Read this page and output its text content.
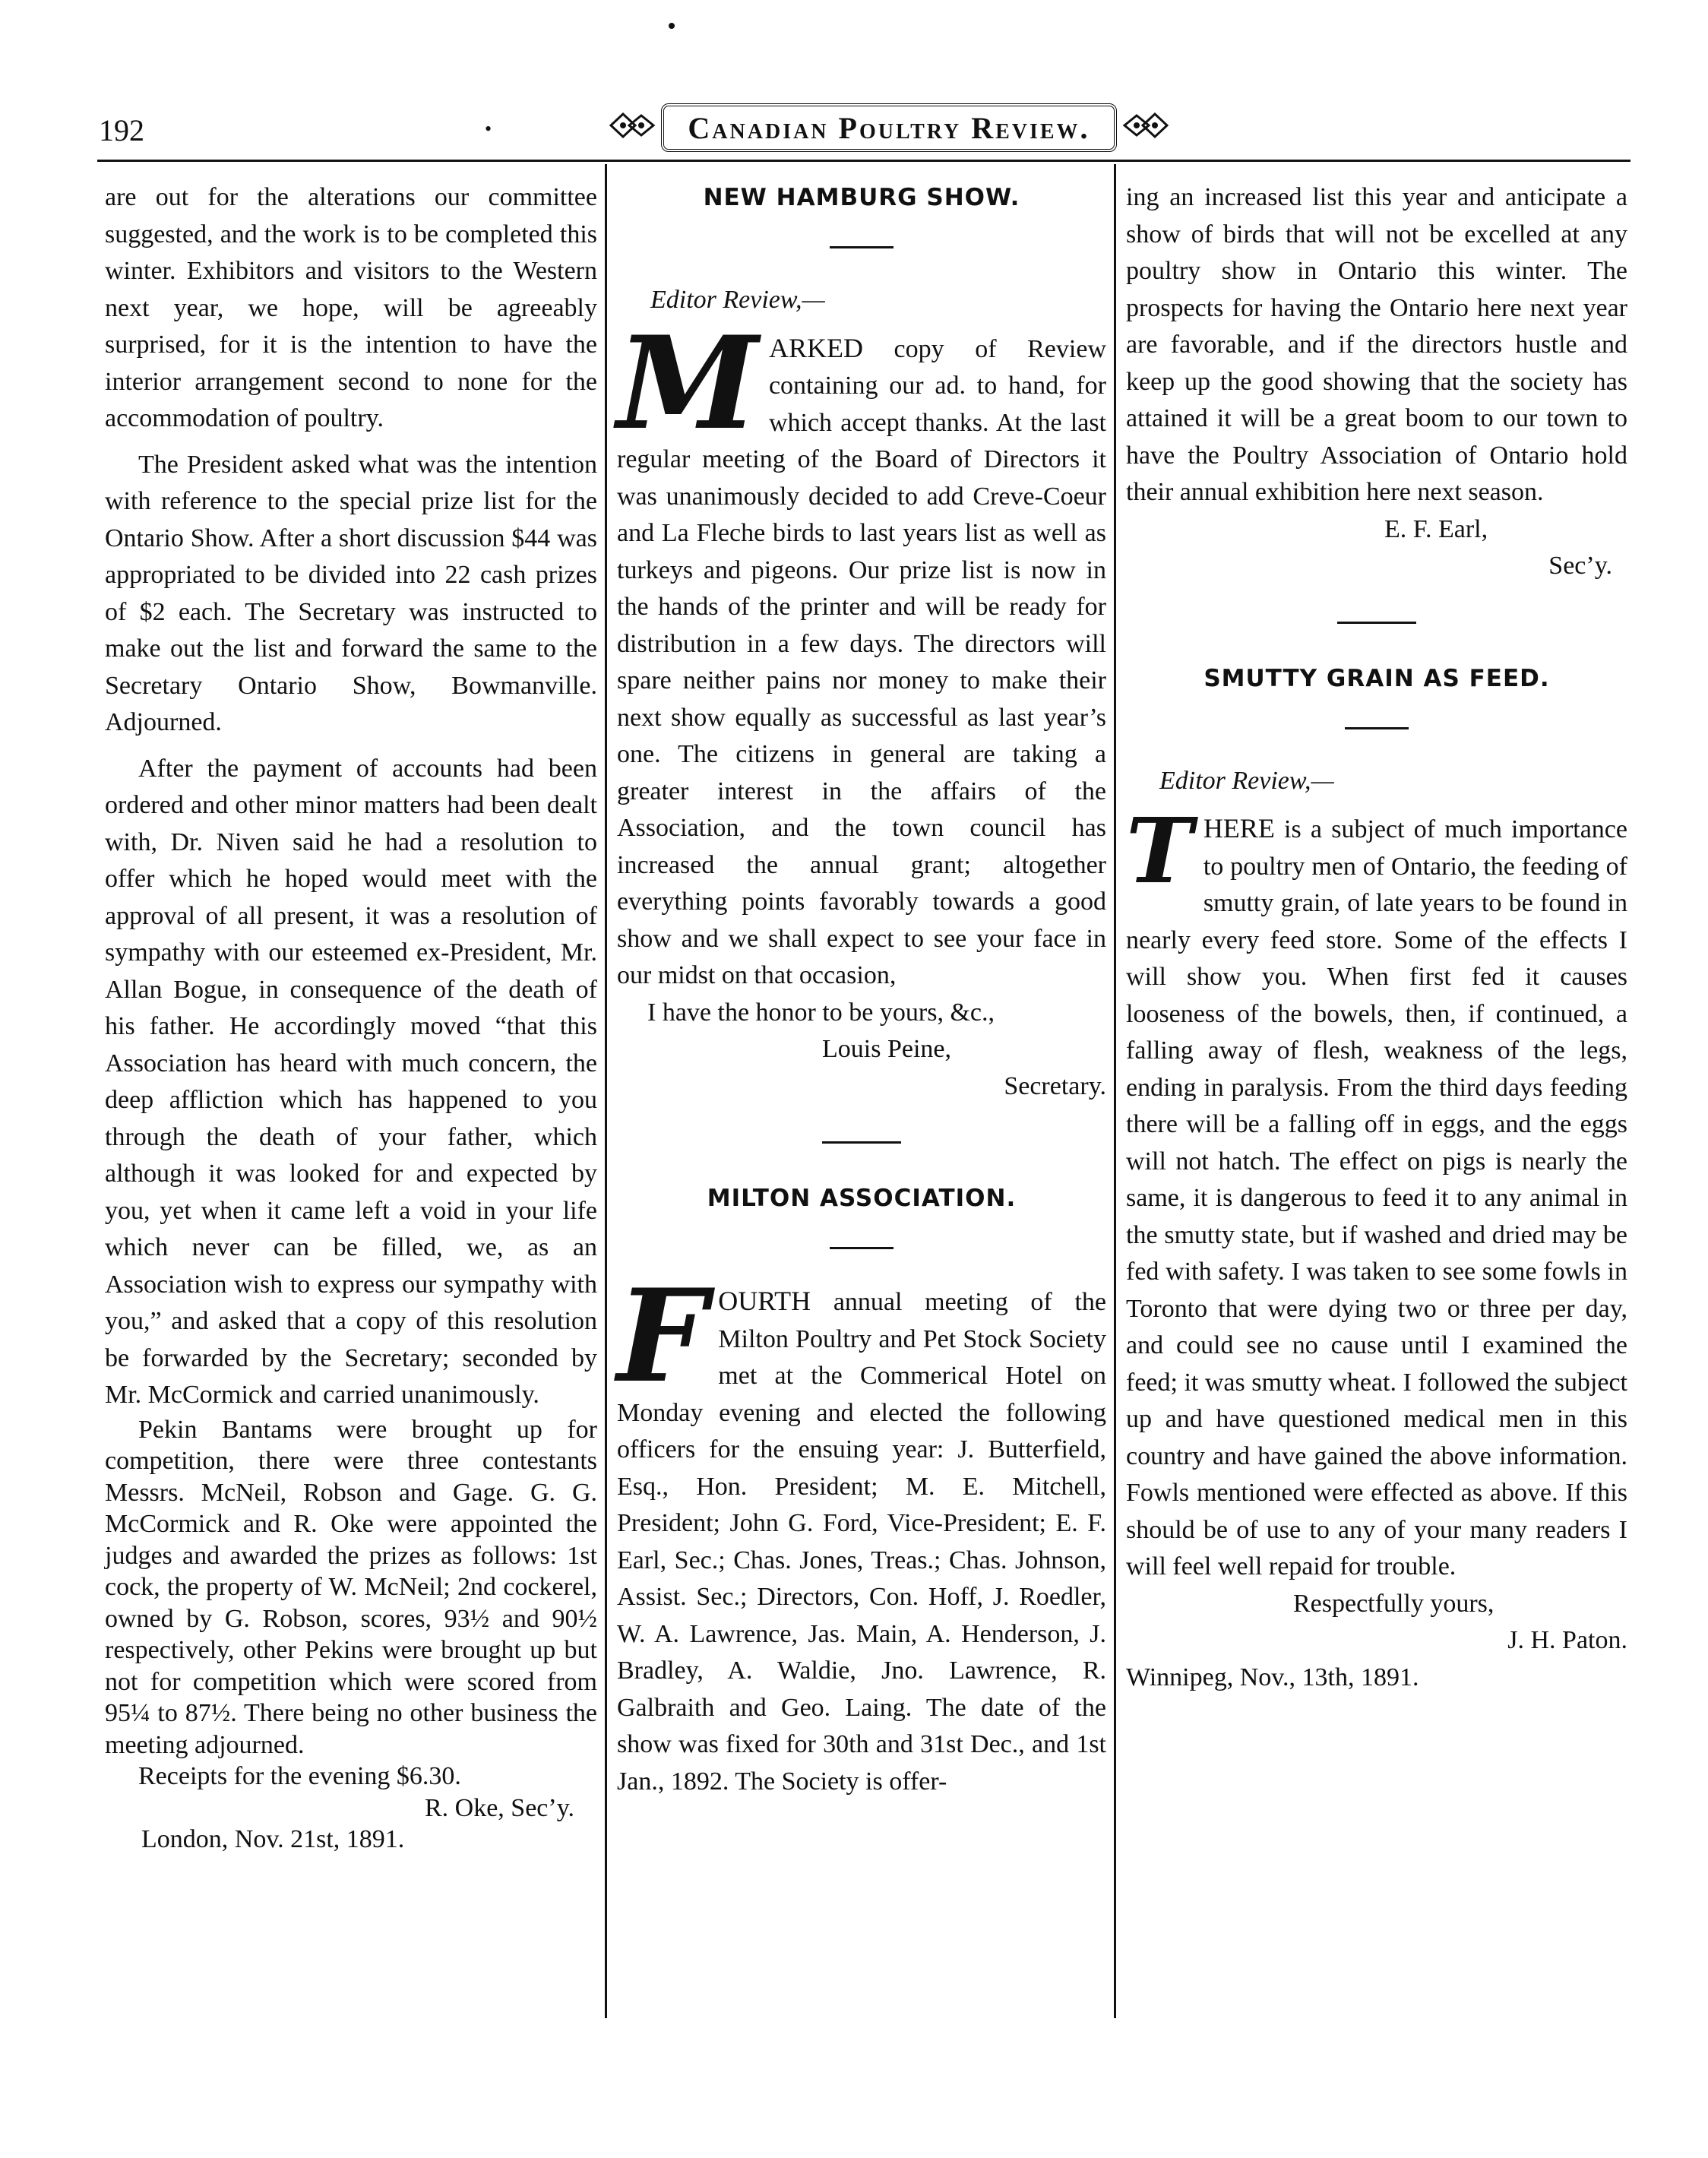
192	•	Canadian Poultry Review.

are out for the alterations our committee suggested, and the work is to be completed this winter. Exhibitors and visitors to the Western next year, we hope, will be agreeably surprised, for it is the intention to have the interior arrangement second to none for the accommodation of poultry.

The President asked what was the intention with reference to the special prize list for the Ontario Show. After a short discussion $44 was appropriated to be divided into 22 cash prizes of $2 each. The Secretary was instructed to make out the list and forward the same to the Secretary Ontario Show, Bowmanville. Adjourned.

After the payment of accounts had been ordered and other minor matters had been dealt with, Dr. Niven said he had a resolution to offer which he hoped would meet with the approval of all present, it was a resolution of sympathy with our esteemed ex-President, Mr. Allan Bogue, in consequence of the death of his father. He accordingly moved “that this Association has heard with much concern, the deep affliction which has happened to you through the death of your father, which although it was looked for and expected by you, yet when it came left a void in your life which never can be filled, we, as an Association wish to express our sympathy with you,” and asked that a copy of this resolution be forwarded by the Secretary; seconded by Mr. McCormick and carried unanimously.

Pekin Bantams were brought up for competition, there were three contestants Messrs. McNeil, Robson and Gage. G. G. McCormick and R. Oke were appointed the judges and awarded the prizes as follows: 1st cock, the property of W. McNeil; 2nd cockerel, owned by G. Robson, scores, 93½ and 90½ respectively, other Pekins were brought up but not for competition which were scored from 95¼ to 87½. There being no other business the meeting adjourned.

Receipts for the evening $6.30.

R. Oke, Sec’y.

London, Nov. 21st, 1891.

NEW HAMBURG SHOW.

Editor Review,—

MARKED copy of Review containing our ad. to hand, for which accept thanks. At the last regular meeting of the Board of Directors it was unanimously decided to add Creve-Coeur and La Fleche birds to last years list as well as turkeys and pigeons. Our prize list is now in the hands of the printer and will be ready for distribution in a few days. The directors will spare neither pains nor money to make their next show equally as successful as last year’s one. The citizens in general are taking a greater interest in the affairs of the Association, and the town council has increased the annual grant; altogether everything points favorably towards a good show and we shall expect to see your face in our midst on that occasion,

I have the honor to be yours, &c.,

Louis Peine,

Secretary.

MILTON ASSOCIATION.

FOURTH annual meeting of the Milton Poultry and Pet Stock Society met at the Commerical Hotel on Monday evening and elected the following officers for the ensuing year: J. Butterfield, Esq., Hon. President; M. E. Mitchell, President; John G. Ford, Vice-President; E. F. Earl, Sec.; Chas. Jones, Treas.; Chas. Johnson, Assist. Sec.; Directors, Con. Hoff, J. Roedler, W. A. Lawrence, Jas. Main, A. Henderson, J. Bradley, A. Waldie, Jno. Lawrence, R. Galbraith and Geo. Laing. The date of the show was fixed for 30th and 31st Dec., and 1st Jan., 1892. The Society is offer-

ing an increased list this year and anticipate a show of birds that will not be excelled at any poultry show in Ontario this winter. The prospects for having the Ontario here next year are favorable, and if the directors hustle and keep up the good showing that the society has attained it will be a great boom to our town to have the Poultry Association of Ontario hold their annual exhibition here next season.

E. F. Earl,

Sec’y.

SMUTTY GRAIN AS FEED.

Editor Review,—

THERE is a subject of much importance to poultry men of Ontario, the feeding of smutty grain, of late years to be found in nearly every feed store. Some of the effects I will show you. When first fed it causes looseness of the bowels, then, if continued, a falling away of flesh, weakness of the legs, ending in paralysis. From the third days feeding there will be a falling off in eggs, and the eggs will not hatch. The effect on pigs is nearly the same, it is dangerous to feed it to any animal in the smutty state, but if washed and dried may be fed with safety. I was taken to see some fowls in Toronto that were dying two or three per day, and could see no cause until I examined the feed; it was smutty wheat. I followed the subject up and have questioned medical men in this country and have gained the above information. Fowls mentioned were effected as above. If this should be of use to any of your many readers I will feel well repaid for trouble.

Respectfully yours,

J. H. Paton.

Winnipeg, Nov., 13th, 1891.
